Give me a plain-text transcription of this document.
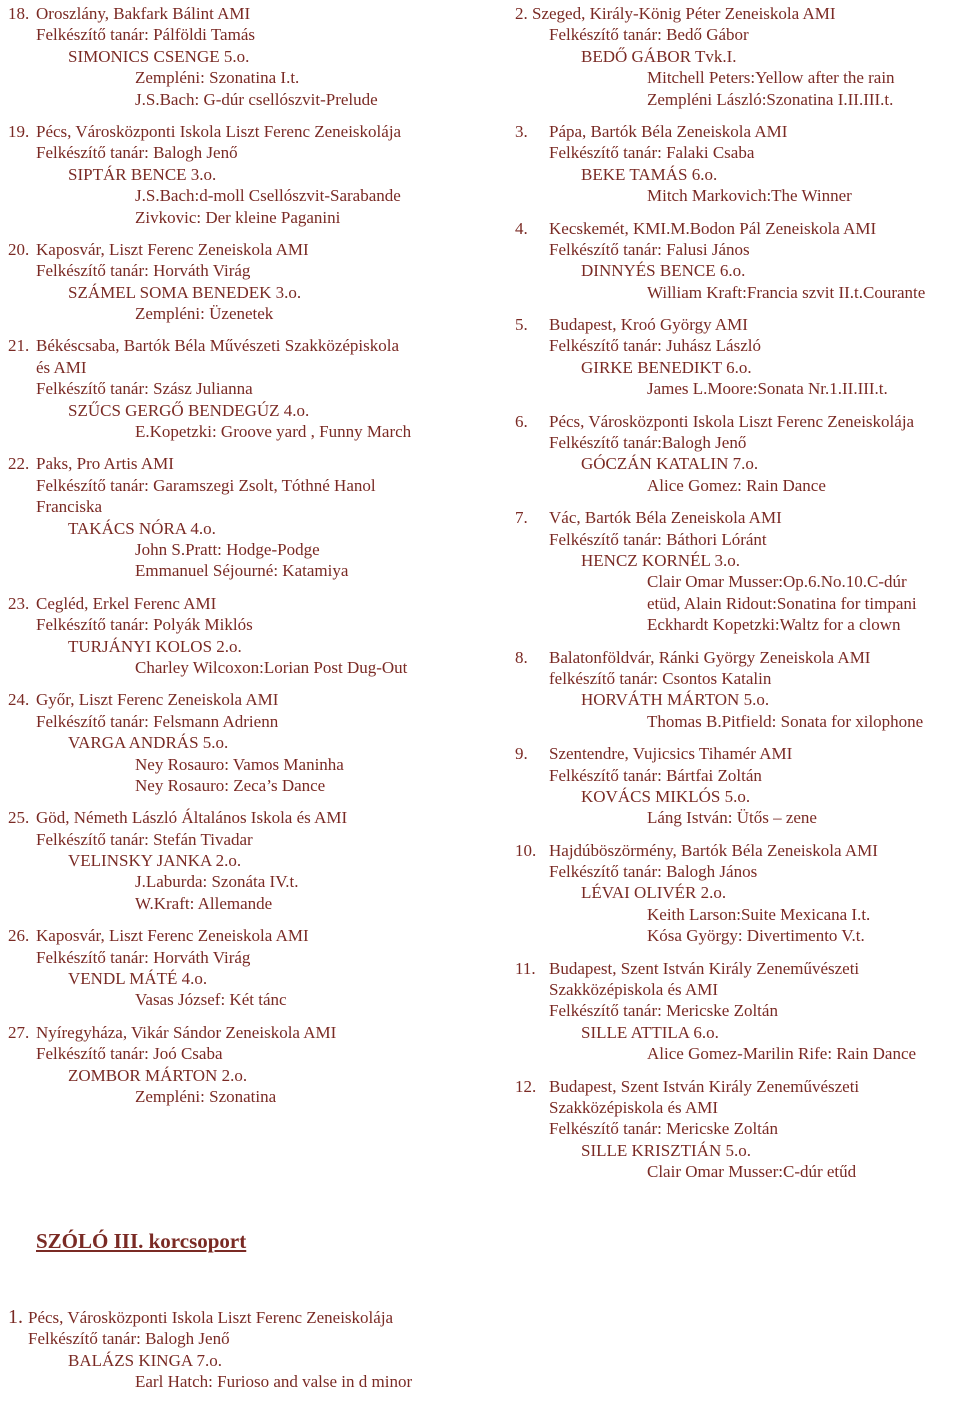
18. Oroszlány, Bakfark Bálint AMI
Felkészítő tanár: Pálföldi Tamás
SIMONICS CSENGE 5.o.
Zempléni: Szonatina I.t.
J.S.Bach: G-dúr csellószvit-Prelude
19. Pécs, Városközponti Iskola Liszt Ferenc Zeneiskolája
Felkészítő tanár: Balogh Jenő
SIPTÁR BENCE 3.o.
J.S.Bach:d-moll Csellószvit-Sarabande
Zivkovic: Der kleine Paganini
20. Kaposvár, Liszt Ferenc Zeneiskola AMI
Felkészítő tanár: Horváth Virág
SZÁMEL SOMA BENEDEK 3.o.
Zempléni: Üzenetek
21. Békéscsaba, Bartók Béla Művészeti Szakközépiskola
és AMI
Felkészítő tanár: Szász Julianna
SZŰCS GERGŐ BENDEGÚZ 4.o.
E.Kopetzki: Groove yard , Funny March
22. Paks, Pro Artis AMI
Felkészítő tanár: Garamszegi Zsolt, Tóthné Hanol
Franciska
TAKÁCS NÓRA 4.o.
John S.Pratt: Hodge-Podge
Emmanuel Séjourné: Katamiya
23. Cegléd, Erkel Ferenc AMI
Felkészítő tanár: Polyák Miklós
TURJÁNYI KOLOS 2.o.
Charley Wilcoxon:Lorian Post Dug-Out
24. Győr, Liszt Ferenc Zeneiskola AMI
Felkészítő tanár: Felsmann Adrienn
VARGA ANDRÁS 5.o.
Ney Rosauro: Vamos Maninha
Ney Rosauro: Zeca’s Dance
25. Göd, Németh László Általános Iskola és AMI
Felkészítő tanár: Stefán Tivadar
VELINSKY JANKA 2.o.
J.Laburda: Szonáta IV.t.
W.Kraft: Allemande
26. Kaposvár, Liszt Ferenc Zeneiskola AMI
Felkészítő tanár: Horváth Virág
VENDL MÁTÉ 4.o.
Vasas József: Két tánc
27. Nyíregyháza, Vikár Sándor Zeneiskola AMI
Felkészítő tanár: Joó Csaba
ZOMBOR MÁRTON 2.o.
Zempléni: Szonatina
2. Szeged, Király-König Péter Zeneiskola AMI
Felkészítő tanár: Bedő Gábor
BEDŐ GÁBOR Tvk.I.
Mitchell Peters:Yellow after the rain
Zempléni László:Szonatina I.II.III.t.
3. Pápa, Bartók Béla Zeneiskola AMI
Felkészítő tanár: Falaki Csaba
BEKE TAMÁS 6.o.
Mitch Markovich:The Winner
4. Kecskemét, KMI.M.Bodon Pál Zeneiskola AMI
Felkészítő tanár: Falusi János
DINNYÉS BENCE 6.o.
William Kraft:Francia szvit II.t.Courante
5. Budapest, Kroó György AMI
Felkészítő tanár: Juhász László
GIRKE BENEDIKT 6.o.
James L.Moore:Sonata Nr.1.II.III.t.
6. Pécs, Városközponti Iskola Liszt Ferenc Zeneiskolája
Felkészítő tanár:Balogh Jenő
GÓCZÁN KATALIN 7.o.
Alice Gomez: Rain Dance
7. Vác, Bartók Béla Zeneiskola AMI
Felkészítő tanár: Báthori Lóránt
HENCZ KORNÉL 3.o.
Clair Omar Musser:Op.6.No.10.C-dúr
etüd, Alain Ridout:Sonatina for timpani
Eckhardt Kopetzki:Waltz for a clown
8. Balatonföldvár, Ránki György Zeneiskola AMI
felkészítő tanár: Csontos Katalin
HORVÁTH MÁRTON 5.o.
Thomas B.Pitfield: Sonata for xilophone
9. Szentendre, Vujicsics Tihamér AMI
Felkészítő tanár: Bártfai Zoltán
KOVÁCS MIKLÓS 5.o.
Láng István: Ütős – zene
10. Hajdúböszörmény, Bartók Béla Zeneiskola AMI
Felkészítő tanár: Balogh János
LÉVAI OLIVÉR 2.o.
Keith Larson:Suite Mexicana I.t.
Kósa György: Divertimento V.t.
11. Budapest, Szent István Király Zeneművészeti
Szakközépiskola és AMI
Felkészítő tanár: Mericske Zoltán
SILLE ATTILA 6.o.
Alice Gomez-Marilin Rife: Rain Dance
12. Budapest, Szent István Király Zeneművészeti
Szakközépiskola és AMI
Felkészítő tanár: Mericske Zoltán
SILLE KRISZTIÁN 5.o.
Clair Omar Musser:C-dúr etűd
SZÓLÓ III. korcsoport
1. Pécs, Városközponti Iskola Liszt Ferenc Zeneiskolája
Felkészítő tanár: Balogh Jenő
BALÁZS KINGA 7.o.
Earl Hatch: Furioso and valse in d minor
